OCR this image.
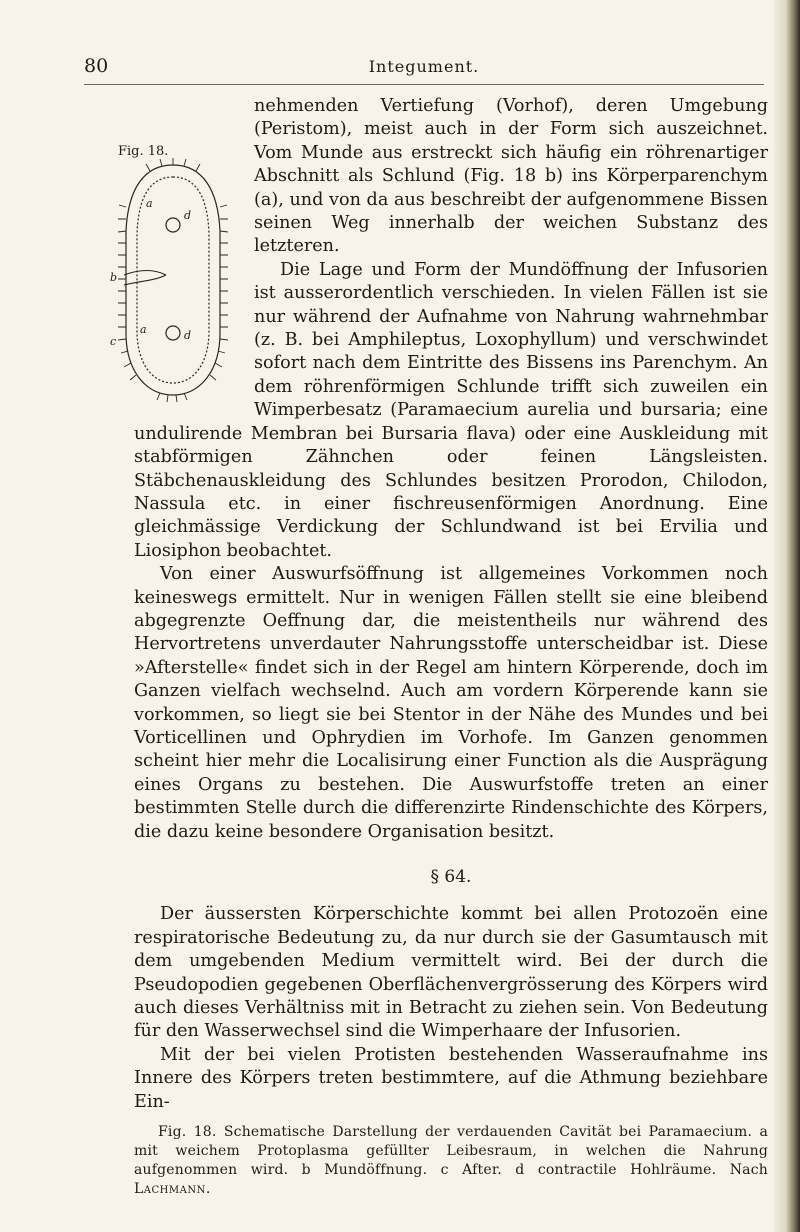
80	Integument.
Fig. 18.
a
d
b
c
a	d

nehmenden Vertiefung (Vorhof), deren Umgebung (Peristom), meist auch in der Form sich auszeichnet. Vom Munde aus erstreckt sich häufig ein röhrenartiger Abschnitt als Schlund (Fig. 18 b) ins Körperparenchym (a), und von da aus beschreibt der aufgenommene Bissen seinen Weg innerhalb der weichen Substanz des letzteren.

Die Lage und Form der Mundöffnung der Infusorien ist ausserordentlich verschieden. In vielen Fällen ist sie nur während der Aufnahme von Nahrung wahrnehmbar (z. B. bei Amphileptus, Loxophyllum) und verschwindet sofort nach dem Eintritte des Bissens ins Parenchym. An dem röhrenförmigen Schlunde trifft sich zuweilen ein Wimperbesatz (Paramaecium aurelia und bursaria; eine undulirende Membran bei Bursaria flava) oder eine Auskleidung mit stabförmigen Zähnchen oder feinen Längsleisten. Stäbchenauskleidung des Schlundes besitzen Prorodon, Chilodon, Nassula etc. in einer fischreusenförmigen Anordnung. Eine gleichmässige Verdickung der Schlundwand ist bei Ervilia und Liosiphon beobachtet.

Von einer Auswurfsöffnung ist allgemeines Vorkommen noch keineswegs ermittelt. Nur in wenigen Fällen stellt sie eine bleibend abgegrenzte Oeffnung dar, die meistentheils nur während des Hervortretens unverdauter Nahrungsstoffe unterscheidbar ist. Diese »Afterstelle« findet sich in der Regel am hintern Körperende, doch im Ganzen vielfach wechselnd. Auch am vordern Körperende kann sie vorkommen, so liegt sie bei Stentor in der Nähe des Mundes und bei Vorticellinen und Ophrydien im Vorhofe. Im Ganzen genommen scheint hier mehr die Localisirung einer Function als die Ausprägung eines Organs zu bestehen. Die Auswurfstoffe treten an einer bestimmten Stelle durch die differenzirte Rindenschichte des Körpers, die dazu keine besondere Organisation besitzt.

§ 64.

Der äussersten Körperschichte kommt bei allen Protozoën eine respiratorische Bedeutung zu, da nur durch sie der Gasumtausch mit dem umgebenden Medium vermittelt wird. Bei der durch die Pseudopodien gegebenen Oberflächenvergrösserung des Körpers wird auch dieses Verhältniss mit in Betracht zu ziehen sein. Von Bedeutung für den Wasserwechsel sind die Wimperhaare der Infusorien.

Mit der bei vielen Protisten bestehenden Wasseraufnahme ins Innere des Körpers treten bestimmtere, auf die Athmung beziehbare Ein-

Fig. 18. Schematische Darstellung der verdauenden Cavität bei Paramaecium. a mit weichem Protoplasma gefüllter Leibesraum, in welchen die Nahrung aufgenommen wird. b Mundöffnung. c After. d contractile Hohlräume. Nach Lachmann.
